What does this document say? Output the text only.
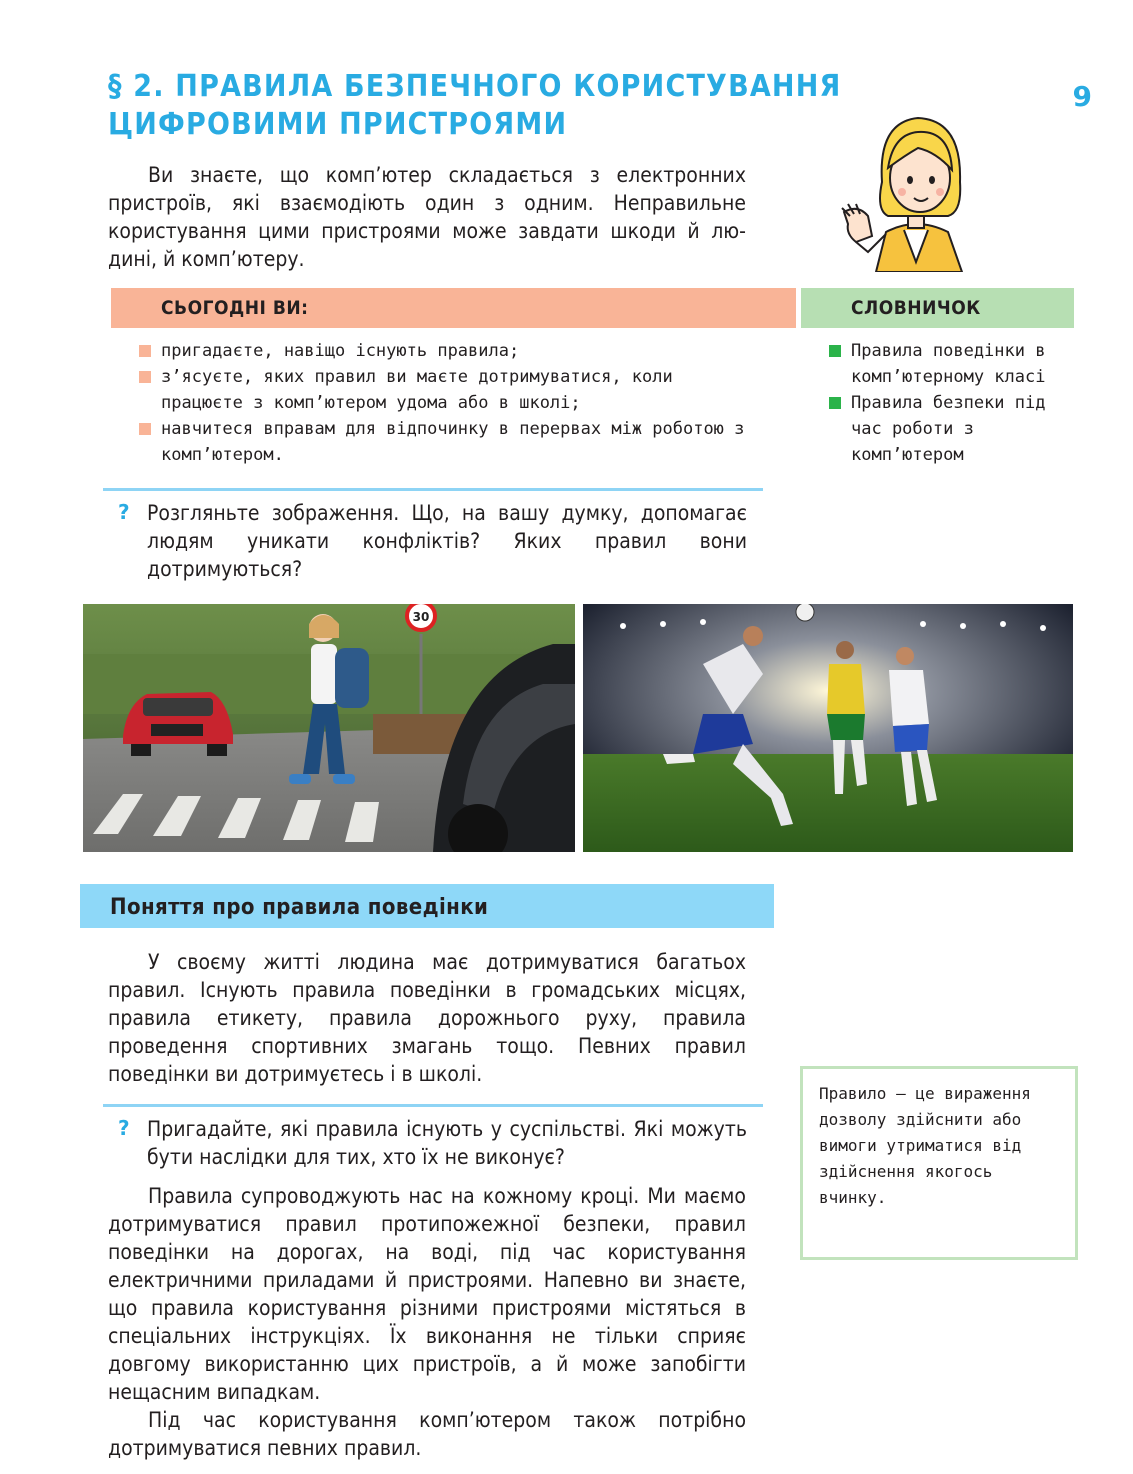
§ 2. ПРАВИЛА БЕЗПЕЧНОГО КОРИСТУВАННЯ
ЦИФРОВИМИ ПРИСТРОЯМИ
9

Ви знаєте, що комп’ютер складається з електронних

пристроїв, які взаємодіють один з одним. Неправильне

користування цими пристроями може завдати шкоди й лю-

дині, й комп’ютеру.

СЬОГОДНІ ВИ:	СЛОВНИЧОК
пригадаєте, навіщо існують правила;
з’ясуєте, яких правил ви маєте дотримуватися, коли працюєте з комп’ютером удома або в школі;
навчитеся вправам для відпочинку в перервах між роботою з комп’ютером.
Правила поведінки в комп’ютерному класі
Правила безпеки під час роботи з комп’ютером
? Розгляньте зображення. Що, на вашу думку, допомагає людям уникати конфліктів? Яких правил вони дотримуються?

30
Поняття про правила поведінки

У своєму житті людина має дотримуватися багатьох правил. Існують правила поведінки в громадських місцях, правила етикету, правила дорожнього руху, правила проведення спортивних змагань тощо. Певних правил поведінки ви дотримуєтесь і в школі.

Правило — це вираження дозволу здійснити або вимоги утриматися від здійснення якогось вчинку.
? Пригадайте, які правила існують у суспільстві. Які можуть бути наслідки для тих, хто їх не виконує?

Правила супроводжують нас на кожному кроці. Ми маємо дотримуватися правил протипожежної безпеки, правил поведінки на дорогах, на воді, під час користування електричними приладами й пристроями. Напевно ви знаєте, що правила користування різними пристроями містяться в спеціальних інструкціях. Їх виконання не тільки сприяє довгому використанню цих пристроїв, а й може запобігти нещасним випадкам.

Під час користування комп’ютером також потрібно дотримуватися певних правил.
